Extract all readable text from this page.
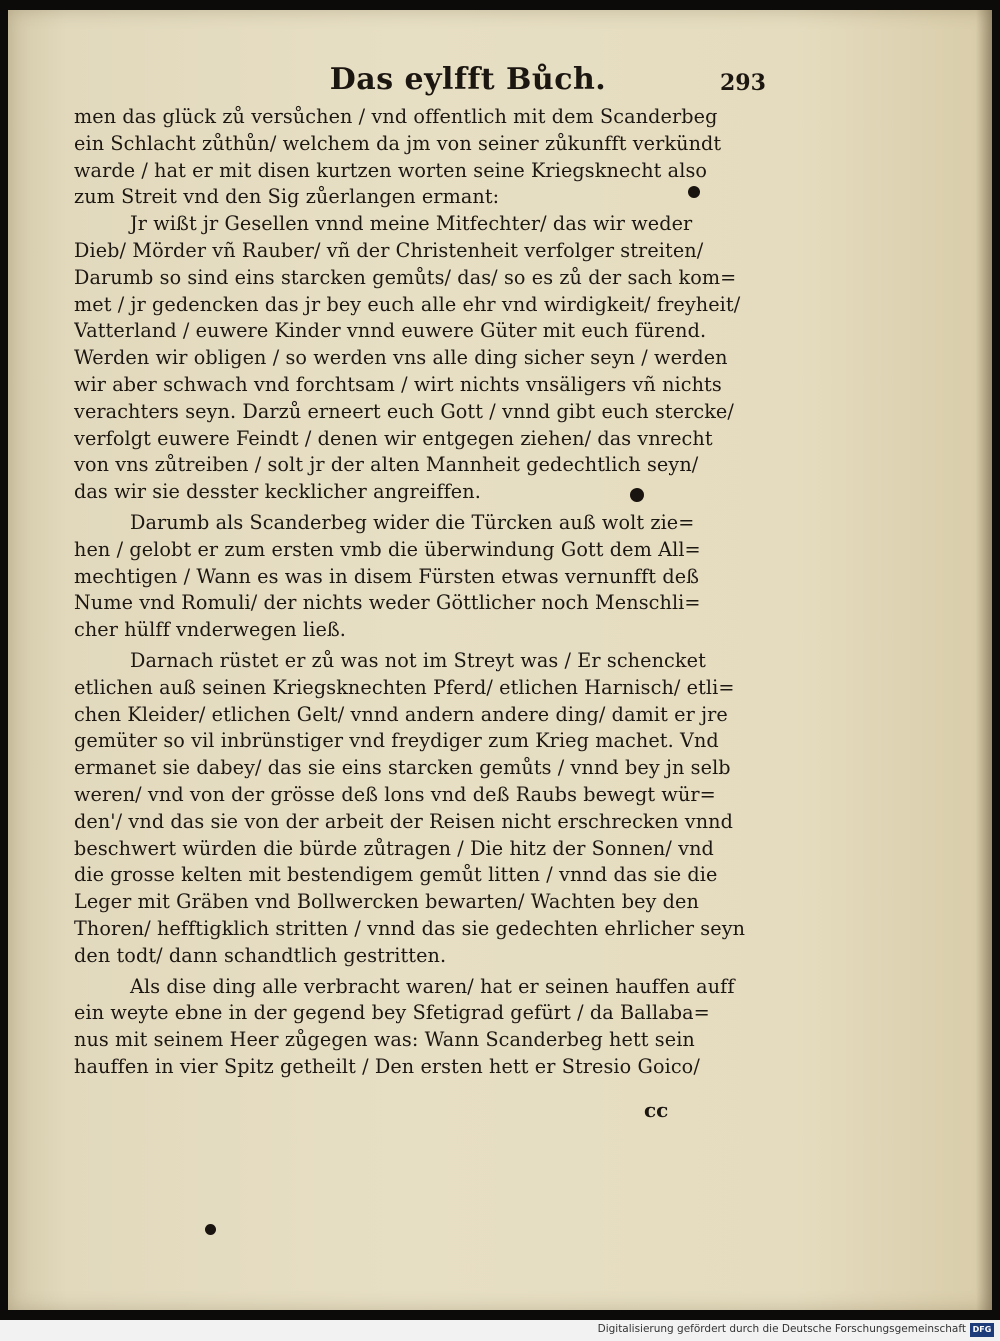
Das eylfft Bůch.	293
men das glück zů versůchen / vnd offentlich mit dem Scanderbeg
ein Schlacht zůthůn/ welchem da jm von seiner zůkunfft verkündt
warde / hat er mit disen kurtzen worten seine Kriegsknecht also
zum Streit vnd den Sig zůerlangen ermant:
Jr wißt jr Gesellen vnnd meine Mitfechter/ das wir weder
Dieb/ Mörder vñ Rauber/ vñ der Christenheit verfolger streiten/
Darumb so sind eins starcken gemůts/ das/ so es zů der sach kom=
met / jr gedencken das jr bey euch alle ehr vnd wirdigkeit/ freyheit/
Vatterland / euwere Kinder vnnd euwere Güter mit euch fürend.
Werden wir obligen / so werden vns alle ding sicher seyn / werden
wir aber schwach vnd forchtsam / wirt nichts vnsäligers vñ nichts
verachters seyn. Darzů erneert euch Gott / vnnd gibt euch stercke/
verfolgt euwere Feindt / denen wir entgegen ziehen/ das vnrecht
von vns zůtreiben / solt jr der alten Mannheit gedechtlich seyn/
das wir sie desster kecklicher angreiffen.
Darumb als Scanderbeg wider die Türcken auß wolt zie=
hen / gelobt er zum ersten vmb die überwindung Gott dem All=
mechtigen / Wann es was in disem Fürsten etwas vernunfft deß
Nume vnd Romuli/ der nichts weder Göttlicher noch Menschli=
cher hülff vnderwegen ließ.
Darnach rüstet er zů was not im Streyt was / Er schencket
etlichen auß seinen Kriegsknechten Pferd/ etlichen Harnisch/ etli=
chen Kleider/ etlichen Gelt/ vnnd andern andere ding/ damit er jre
gemüter so vil inbrünstiger vnd freydiger zum Krieg machet. Vnd
ermanet sie dabey/ das sie eins starcken gemůts / vnnd bey jn selb
weren/ vnd von der grösse deß lons vnd deß Raubs bewegt wür=
den'/ vnd das sie von der arbeit der Reisen nicht erschrecken vnnd
beschwert würden die bürde zůtragen / Die hitz der Sonnen/ vnd
die grosse kelten mit bestendigem gemůt litten / vnnd das sie die
Leger mit Gräben vnd Bollwercken bewarten/ Wachten bey den
Thoren/ hefftigklich stritten / vnnd das sie gedechten ehrlicher seyn
den todt/ dann schandtlich gestritten.
Als dise ding alle verbracht waren/ hat er seinen hauffen auff
ein weyte ebne in der gegend bey Sfetigrad gefürt / da Ballaba=
nus mit seinem Heer zůgegen was: Wann Scanderbeg hett sein
hauffen in vier Spitz getheilt / Den ersten hett er Stresio Goico/
cc
Digitalisierung gefördert durch die Deutsche Forschungsgemeinschaft DFG
